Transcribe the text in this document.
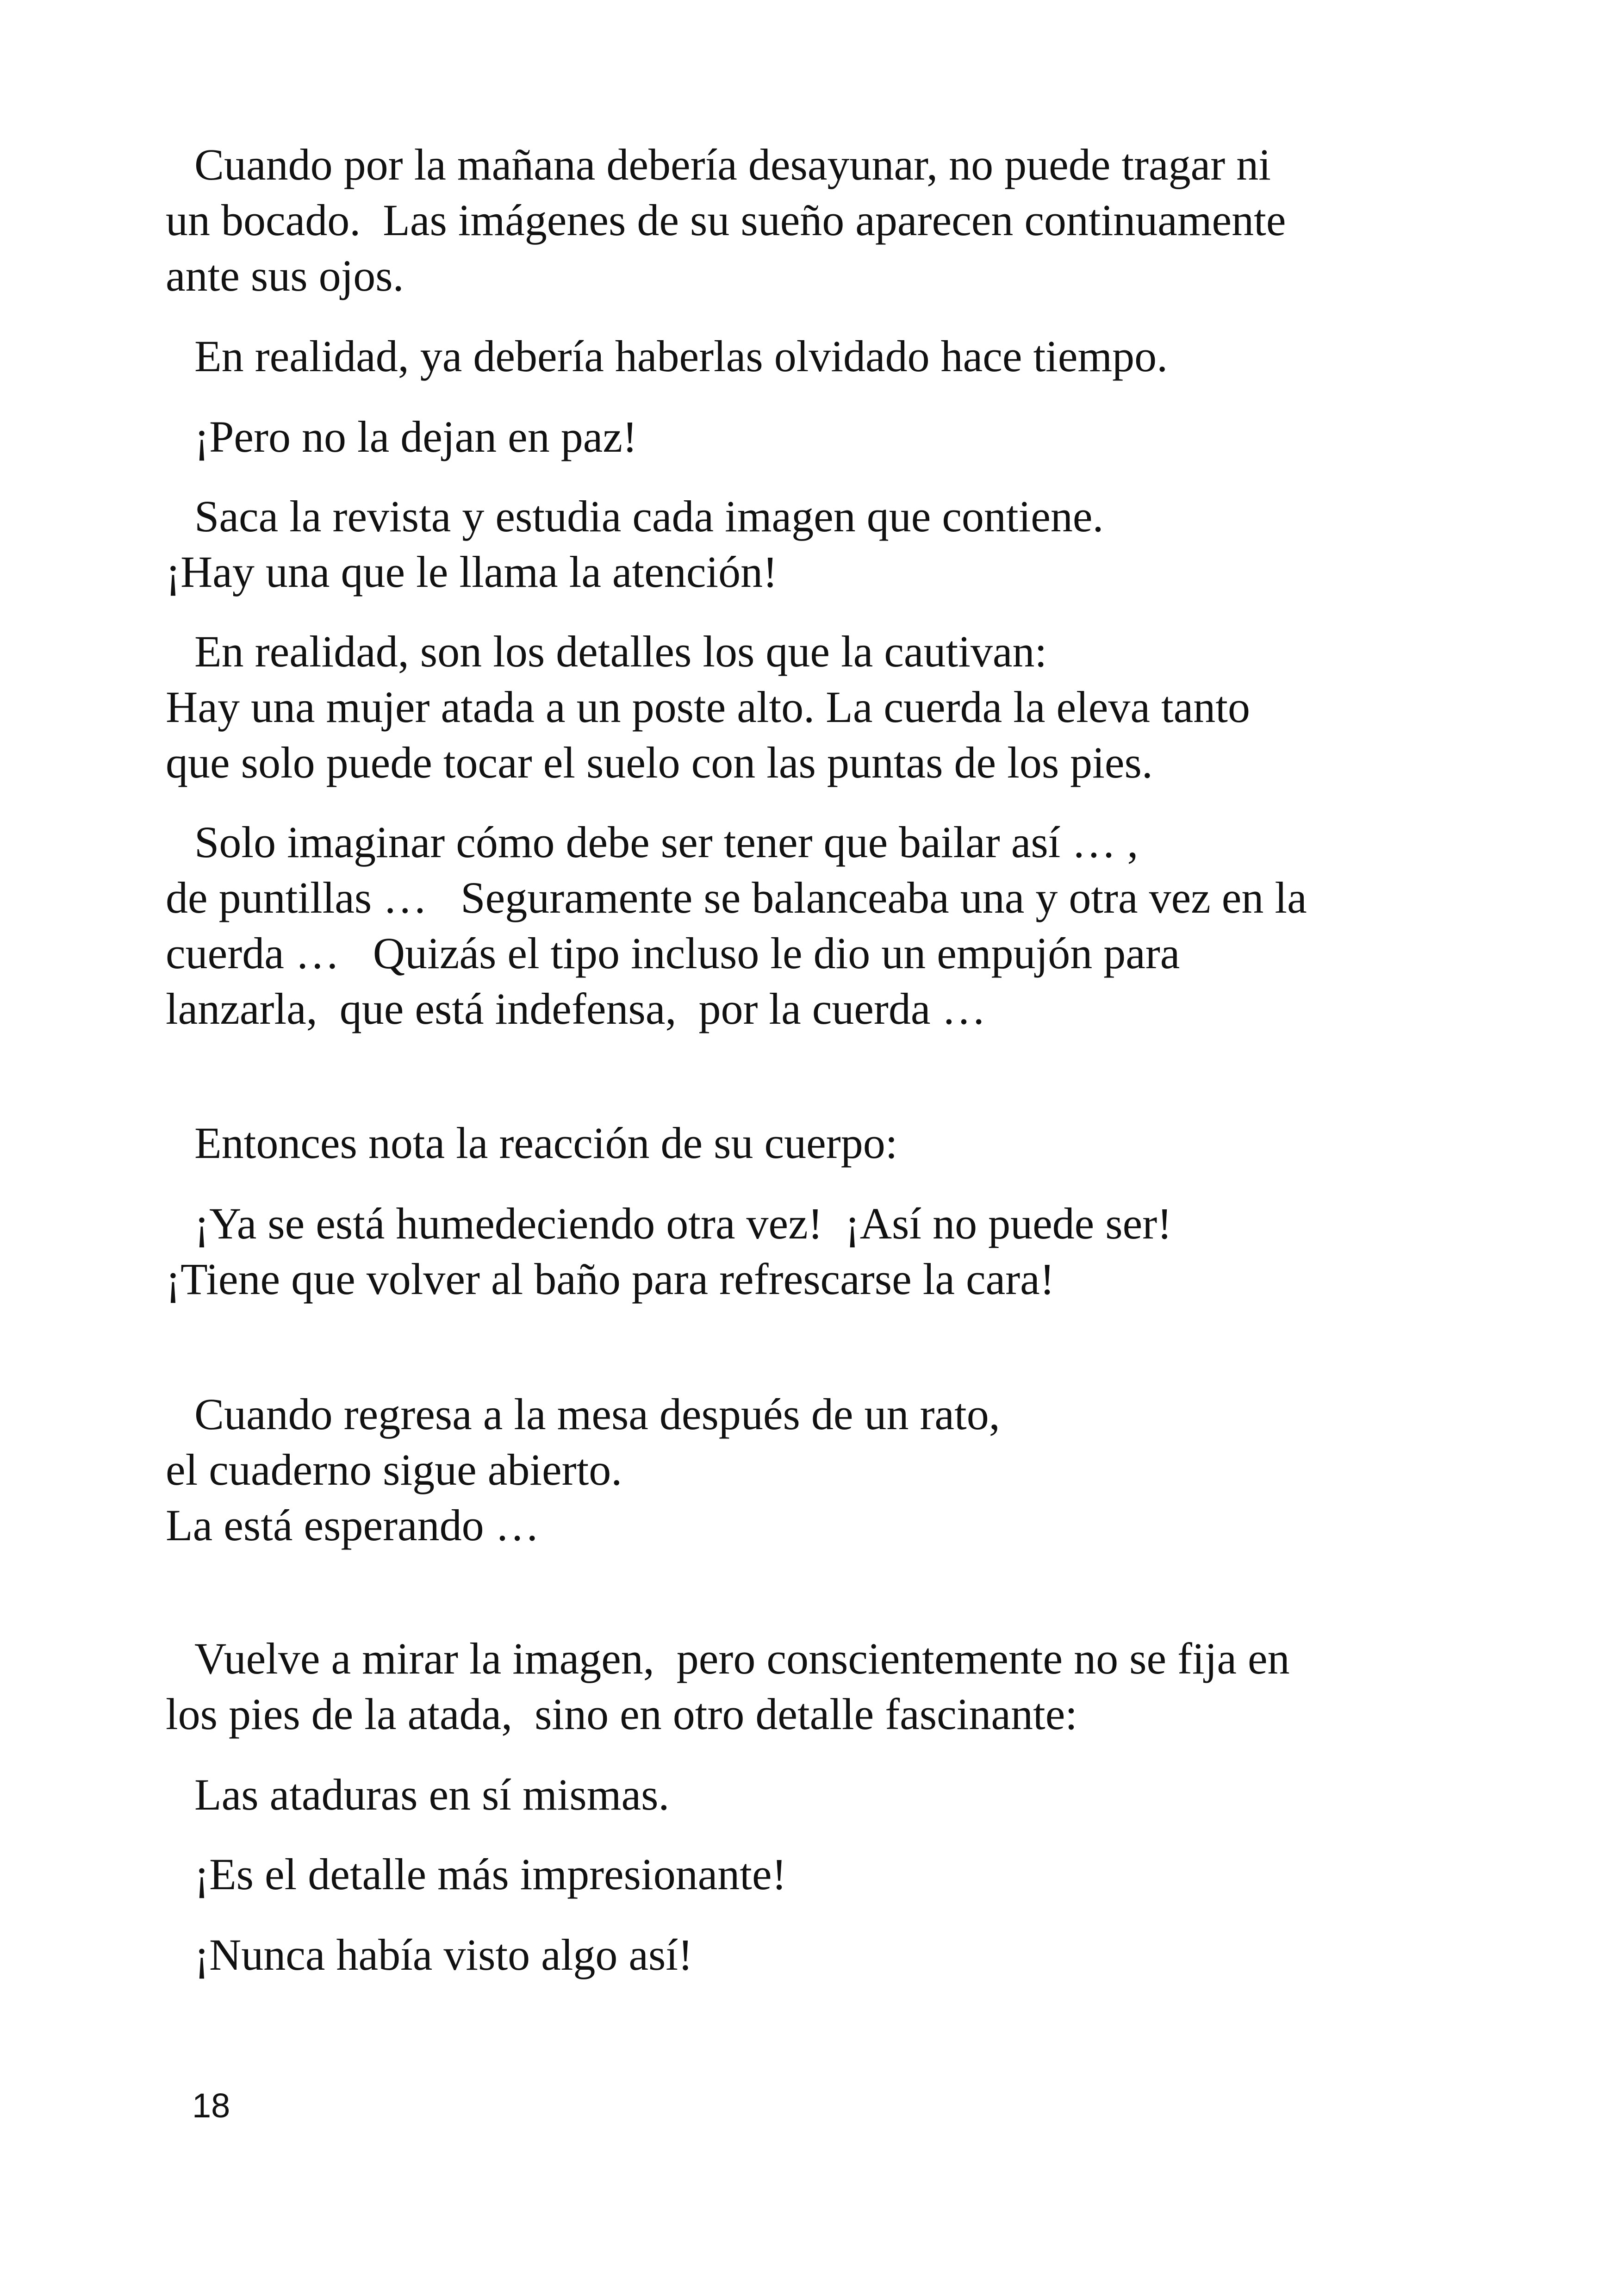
Cuando por la mañana debería desayunar, no puede tragar ni

un bocado.  Las imágenes de su sueño aparecen continuamente

ante sus ojos.

En realidad, ya debería haberlas olvidado hace tiempo.

¡Pero no la dejan en paz!

Saca la revista y estudia cada imagen que contiene.

¡Hay una que le llama la atención!

En realidad, son los detalles los que la cautivan:

Hay una mujer atada a un poste alto. La cuerda la eleva tanto

que solo puede tocar el suelo con las puntas de los pies.

Solo imaginar cómo debe ser tener que bailar así … ,

de puntillas …   Seguramente se balanceaba una y otra vez en la

cuerda …   Quizás el tipo incluso le dio un empujón para

lanzarla,  que está indefensa,  por la cuerda …

Entonces nota la reacción de su cuerpo:

¡Ya se está humedeciendo otra vez!  ¡Así no puede ser!

¡Tiene que volver al baño para refrescarse la cara!

Cuando regresa a la mesa después de un rato,

el cuaderno sigue abierto.

La está esperando …

Vuelve a mirar la imagen,  pero conscientemente no se fija en

los pies de la atada,  sino en otro detalle fascinante:

Las ataduras en sí mismas.

¡Es el detalle más impresionante!

¡Nunca había visto algo así!

18
